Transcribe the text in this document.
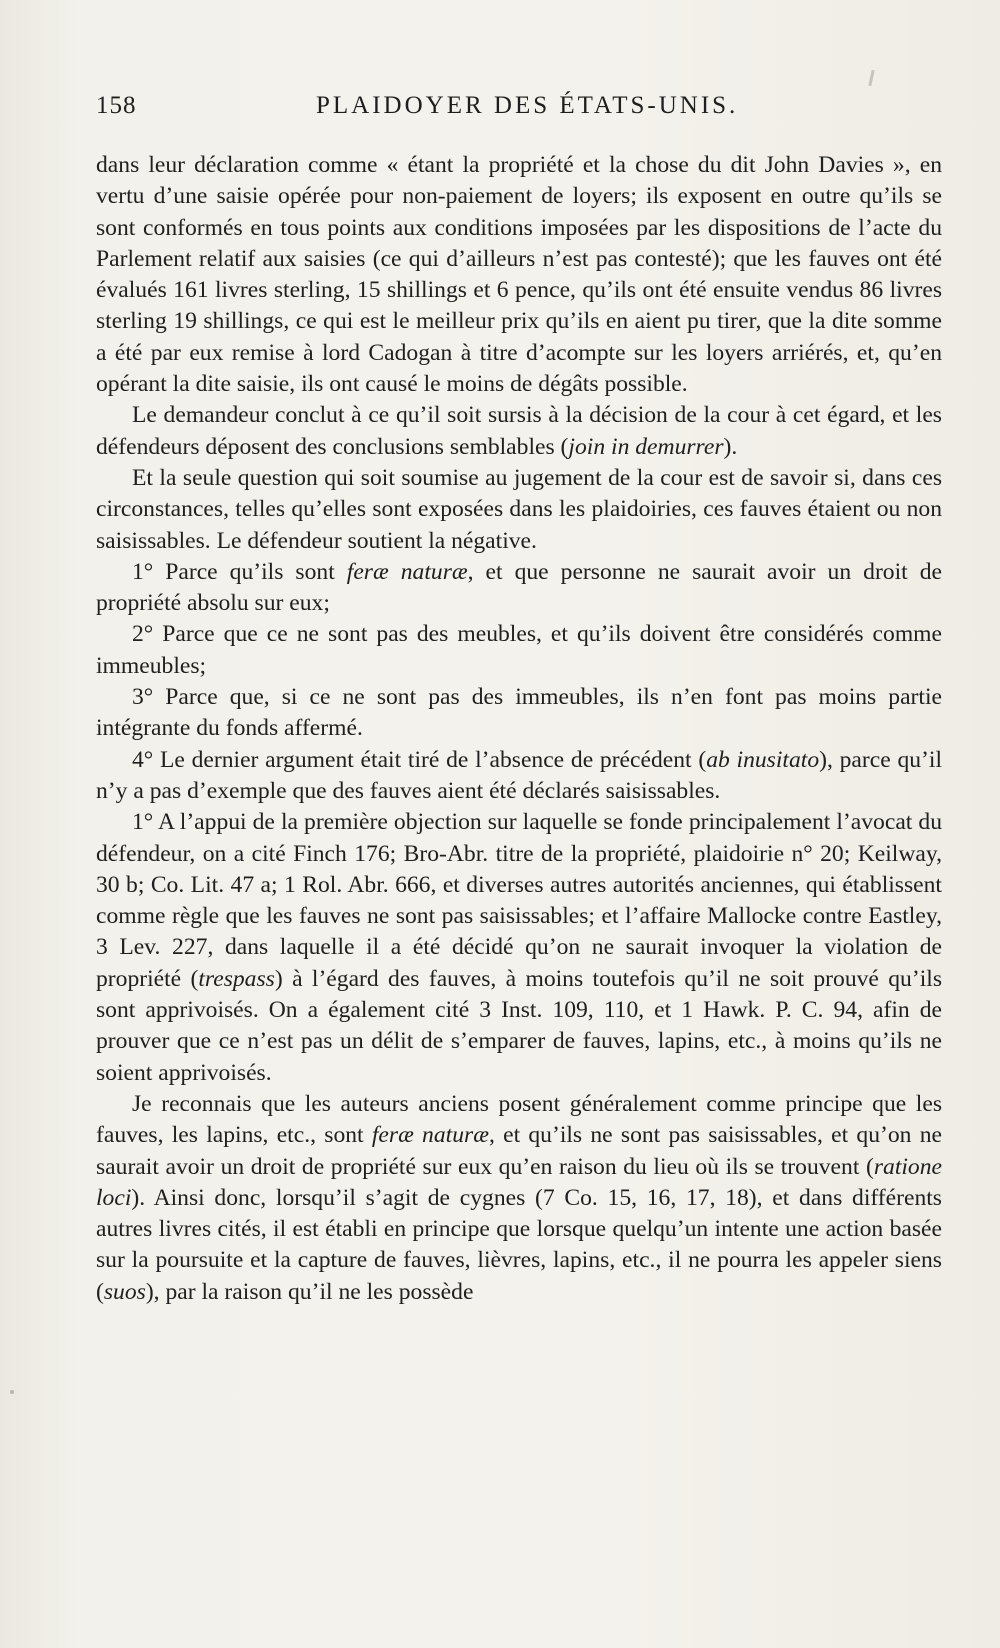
158	PLAIDOYER DES ÉTATS-UNIS.

dans leur déclaration comme « étant la propriété et la chose du dit John Davies », en vertu d’une saisie opérée pour non-paiement de loyers; ils exposent en outre qu’ils se sont conformés en tous points aux conditions imposées par les dispositions de l’acte du Parlement relatif aux saisies (ce qui d’ailleurs n’est pas contesté); que les fauves ont été évalués 161 livres sterling, 15 shillings et 6 pence, qu’ils ont été ensuite vendus 86 livres sterling 19 shillings, ce qui est le meilleur prix qu’ils en aient pu tirer, que la dite somme a été par eux remise à lord Cadogan à titre d’acompte sur les loyers arriérés, et, qu’en opérant la dite saisie, ils ont causé le moins de dégâts possible.

Le demandeur conclut à ce qu’il soit sursis à la décision de la cour à cet égard, et les défendeurs déposent des conclusions semblables (join in demurrer).

Et la seule question qui soit soumise au jugement de la cour est de savoir si, dans ces circonstances, telles qu’elles sont exposées dans les plaidoiries, ces fauves étaient ou non saisissables. Le défendeur soutient la négative.

1° Parce qu’ils sont feræ naturæ, et que personne ne saurait avoir un droit de propriété absolu sur eux;

2° Parce que ce ne sont pas des meubles, et qu’ils doivent être considérés comme immeubles;

3° Parce que, si ce ne sont pas des immeubles, ils n’en font pas moins partie intégrante du fonds affermé.

4° Le dernier argument était tiré de l’absence de précédent (ab inusitato), parce qu’il n’y a pas d’exemple que des fauves aient été déclarés saisissables.

1° A l’appui de la première objection sur laquelle se fonde principalement l’avocat du défendeur, on a cité Finch 176; Bro-Abr. titre de la propriété, plaidoirie n° 20; Keilway, 30 b; Co. Lit. 47 a; 1 Rol. Abr. 666, et diverses autres autorités anciennes, qui établissent comme règle que les fauves ne sont pas saisissables; et l’affaire Mallocke contre Eastley, 3 Lev. 227, dans laquelle il a été décidé qu’on ne saurait invoquer la violation de propriété (trespass) à l’égard des fauves, à moins toutefois qu’il ne soit prouvé qu’ils sont apprivoisés. On a également cité 3 Inst. 109, 110, et 1 Hawk. P. C. 94, afin de prouver que ce n’est pas un délit de s’emparer de fauves, lapins, etc., à moins qu’ils ne soient apprivoisés.

Je reconnais que les auteurs anciens posent généralement comme principe que les fauves, les lapins, etc., sont feræ naturæ, et qu’ils ne sont pas saisissables, et qu’on ne saurait avoir un droit de propriété sur eux qu’en raison du lieu où ils se trouvent (ratione loci). Ainsi donc, lorsqu’il s’agit de cygnes (7 Co. 15, 16, 17, 18), et dans différents autres livres cités, il est établi en principe que lorsque quelqu’un intente une action basée sur la poursuite et la capture de fauves, lièvres, lapins, etc., il ne pourra les appeler siens (suos), par la raison qu’il ne les possède
